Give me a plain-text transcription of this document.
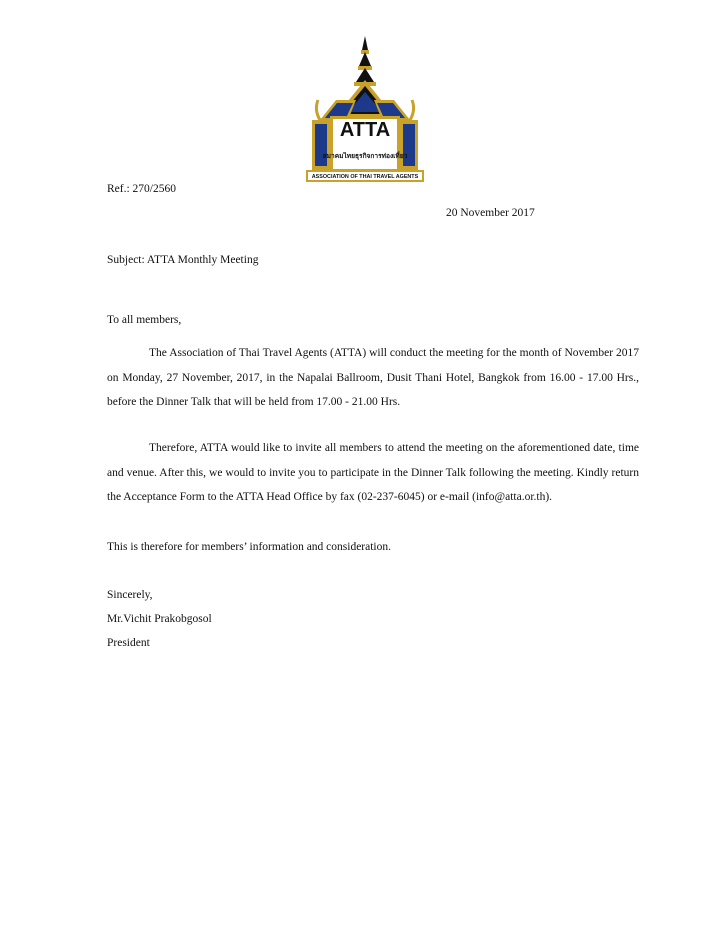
ATTA
สมาคมไทยธุรกิจการท่องเที่ยว
ASSOCIATION OF THAI TRAVEL AGENTS
Ref.: 270/2560
20 November 2017
Subject: ATTA Monthly Meeting
To all members,
The Association of Thai Travel Agents (ATTA) will conduct the meeting for the month of November 2017 on Monday, 27 November, 2017, in the Napalai Ballroom, Dusit Thani Hotel, Bangkok from 16.00 - 17.00 Hrs., before the Dinner Talk that will be held from 17.00 - 21.00 Hrs.
Therefore, ATTA would like to invite all members to attend the meeting on the aforementioned date, time and venue. After this, we would to invite you to participate in the Dinner Talk following the meeting. Kindly return the Acceptance Form to the ATTA Head Office by fax (02-237-6045) or e-mail (info@atta.or.th).
This is therefore for members’ information and consideration.
Sincerely,
Mr.Vichit Prakobgosol
President
